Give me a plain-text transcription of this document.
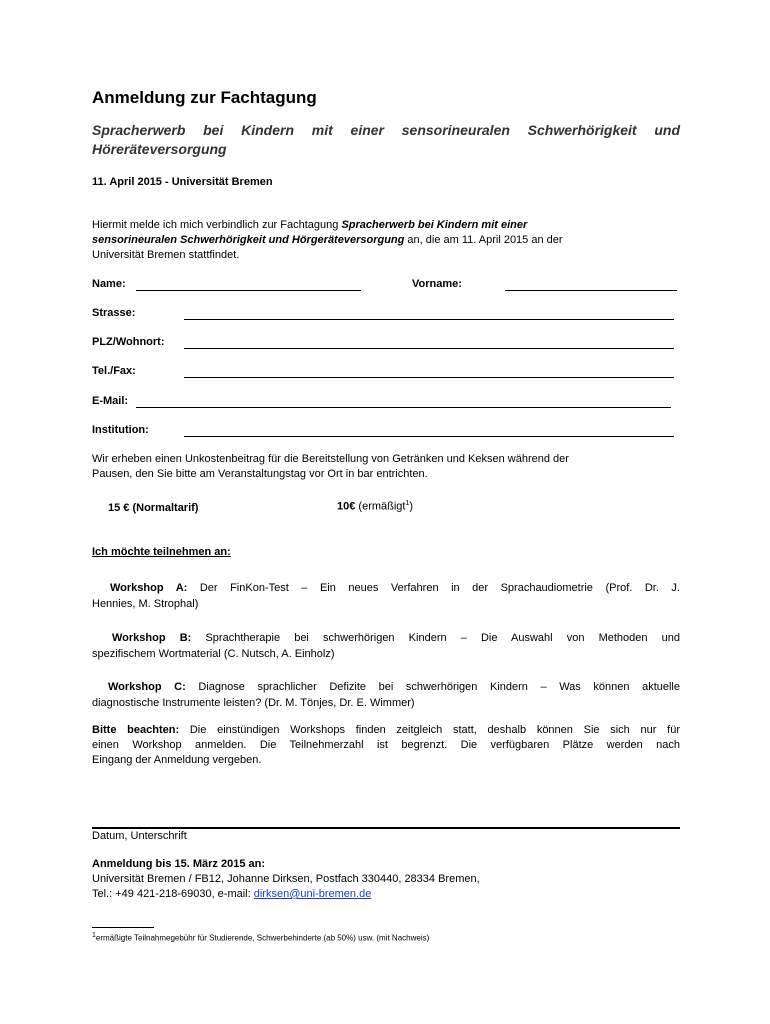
Anmeldung zur Fachtagung
Spracherwerb bei Kindern mit einer sensorineuralen Schwerhörigkeit und
Höreräteversorgung
11. April 2015 - Universität Bremen
Hiermit melde ich mich verbindlich zur Fachtagung Spracherwerb bei Kindern mit einer
sensorineuralen Schwerhörigkeit und Hörgeräteversorgung an, die am 11. April 2015 an der
Universität Bremen stattfindet.
Name:	Vorname:
Strasse:
PLZ/Wohnort:
Tel./Fax:
E-Mail:
Institution:
Wir erheben einen Unkostenbeitrag für die Bereitstellung von Getränken und Keksen während der
Pausen, den Sie bitte am Veranstaltungstag vor Ort in bar entrichten.
15 € (Normaltarif)	10€ (ermäßigt$^1$)
Ich möchte teilnehmen an:
Workshop A: Der FinKon-Test – Ein neues Verfahren in der Sprachaudiometrie (Prof. Dr. J.
Hennies, M. Strophal)
Workshop B: Sprachtherapie bei schwerhörigen Kindern – Die Auswahl von Methoden und
spezifischem Wortmaterial (C. Nutsch, A. Einholz)
Workshop C: Diagnose sprachlicher Defizite bei schwerhörigen Kindern – Was können aktuelle
diagnostische Instrumente leisten? (Dr. M. Tönjes, Dr. E. Wimmer)
Bitte beachten: Die einstündigen Workshops finden zeitgleich statt, deshalb können Sie sich nur für
einen Workshop anmelden. Die Teilnehmerzahl ist begrenzt. Die verfügbaren Plätze werden nach
Eingang der Anmeldung vergeben.
Datum, Unterschrift
Anmeldung bis 15. März 2015 an:
Universität Bremen / FB12, Johanne Dirksen, Postfach 330440, 28334 Bremen,
Tel.: +49 421-218-69030, e-mail: dirksen@uni-bremen.de
$^1$ermäßigte Teilnahmegebühr für Studierende, Schwerbehinderte (ab 50%) usw. (mit Nachweis)
